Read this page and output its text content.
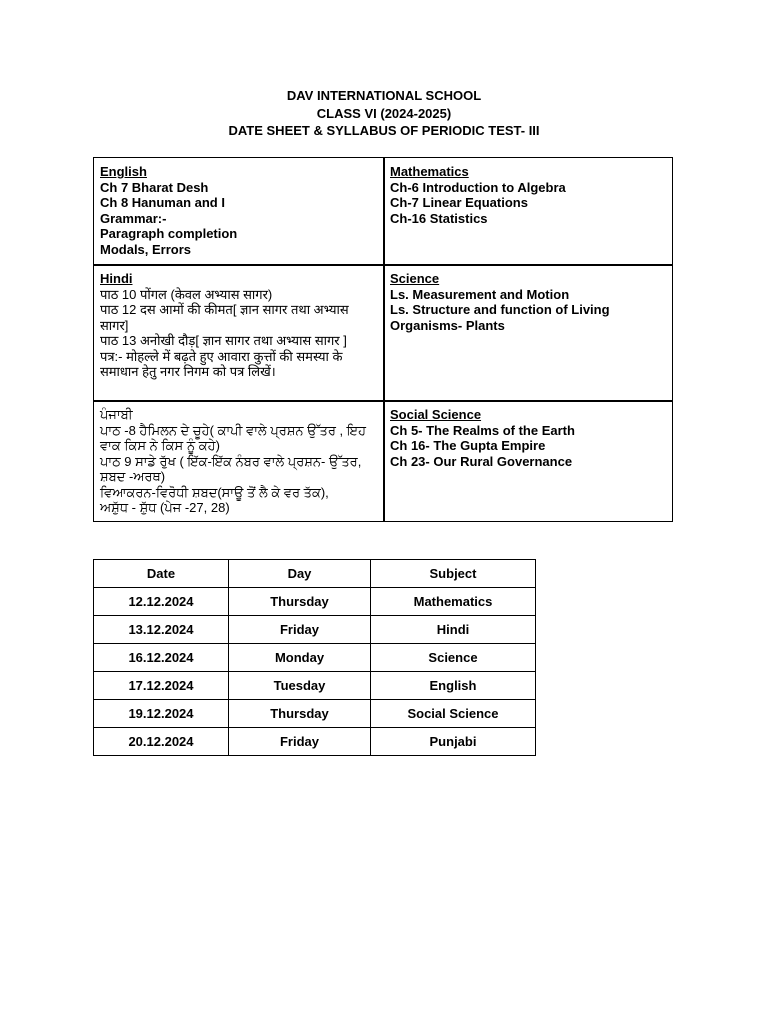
DAV INTERNATIONAL SCHOOL
CLASS VI (2024-2025)
DATE SHEET & SYLLABUS OF PERIODIC TEST- III
English
Ch 7 Bharat Desh
Ch 8 Hanuman and I
Grammar:-
Paragraph completion
Modals, Errors
Mathematics
Ch-6 Introduction to Algebra
Ch-7 Linear Equations
Ch-16 Statistics
Hindi
पाठ 10 पोंगल (केवल अभ्यास सागर)
पाठ 12 दस आमों की कीमत[ ज्ञान सागर तथा अभ्यास सागर]
पाठ 13 अनोखी दौड़[ ज्ञान सागर तथा अभ्यास सागर ]
पत्र:- मोहल्ले में बढ़ते हुए आवारा कुत्तों की समस्या के समाधान हेतु नगर निगम को पत्र लिखें।
Science
Ls. Measurement and Motion
Ls. Structure and function of Living Organisms- Plants
ਪੰਜਾਬੀ
ਪਾਠ -8 ਹੈਮਿਲਨ ਦੇ ਚੂਹੇ( ਕਾਪੀ ਵਾਲੇ ਪ੍ਰਸ਼ਨ ਉੱਤਰ , ਇਹ ਵਾਕ ਕਿਸ ਨੇ ਕਿਸ ਨੂੰ ਕਹੇ)
ਪਾਠ 9 ਸਾਡੇ ਰੁੱਖ ( ਇੱਕ-ਇੱਕ ਨੰਬਰ ਵਾਲੇ ਪ੍ਰਸ਼ਨ- ਉੱਤਰ, ਸ਼ਬਦ -ਅਰਥ)
ਵਿਆਕਰਨ-ਵਿਰੋਧੀ ਸ਼ਬਦ(ਸਾਊ ਤੋਂ ਲੈ ਕੇ ਵਰ ਤੱਕ),
ਅਸ਼ੁੱਧ - ਸ਼ੁੱਧ (ਪੇਜ -27, 28)
Social Science
Ch 5- The Realms of the Earth
Ch 16- The Gupta Empire
Ch 23- Our Rural Governance
Date	Day	Subject
12.12.2024	Thursday	Mathematics
13.12.2024	Friday	Hindi
16.12.2024	Monday	Science
17.12.2024	Tuesday	English
19.12.2024	Thursday	Social Science
20.12.2024	Friday	Punjabi
